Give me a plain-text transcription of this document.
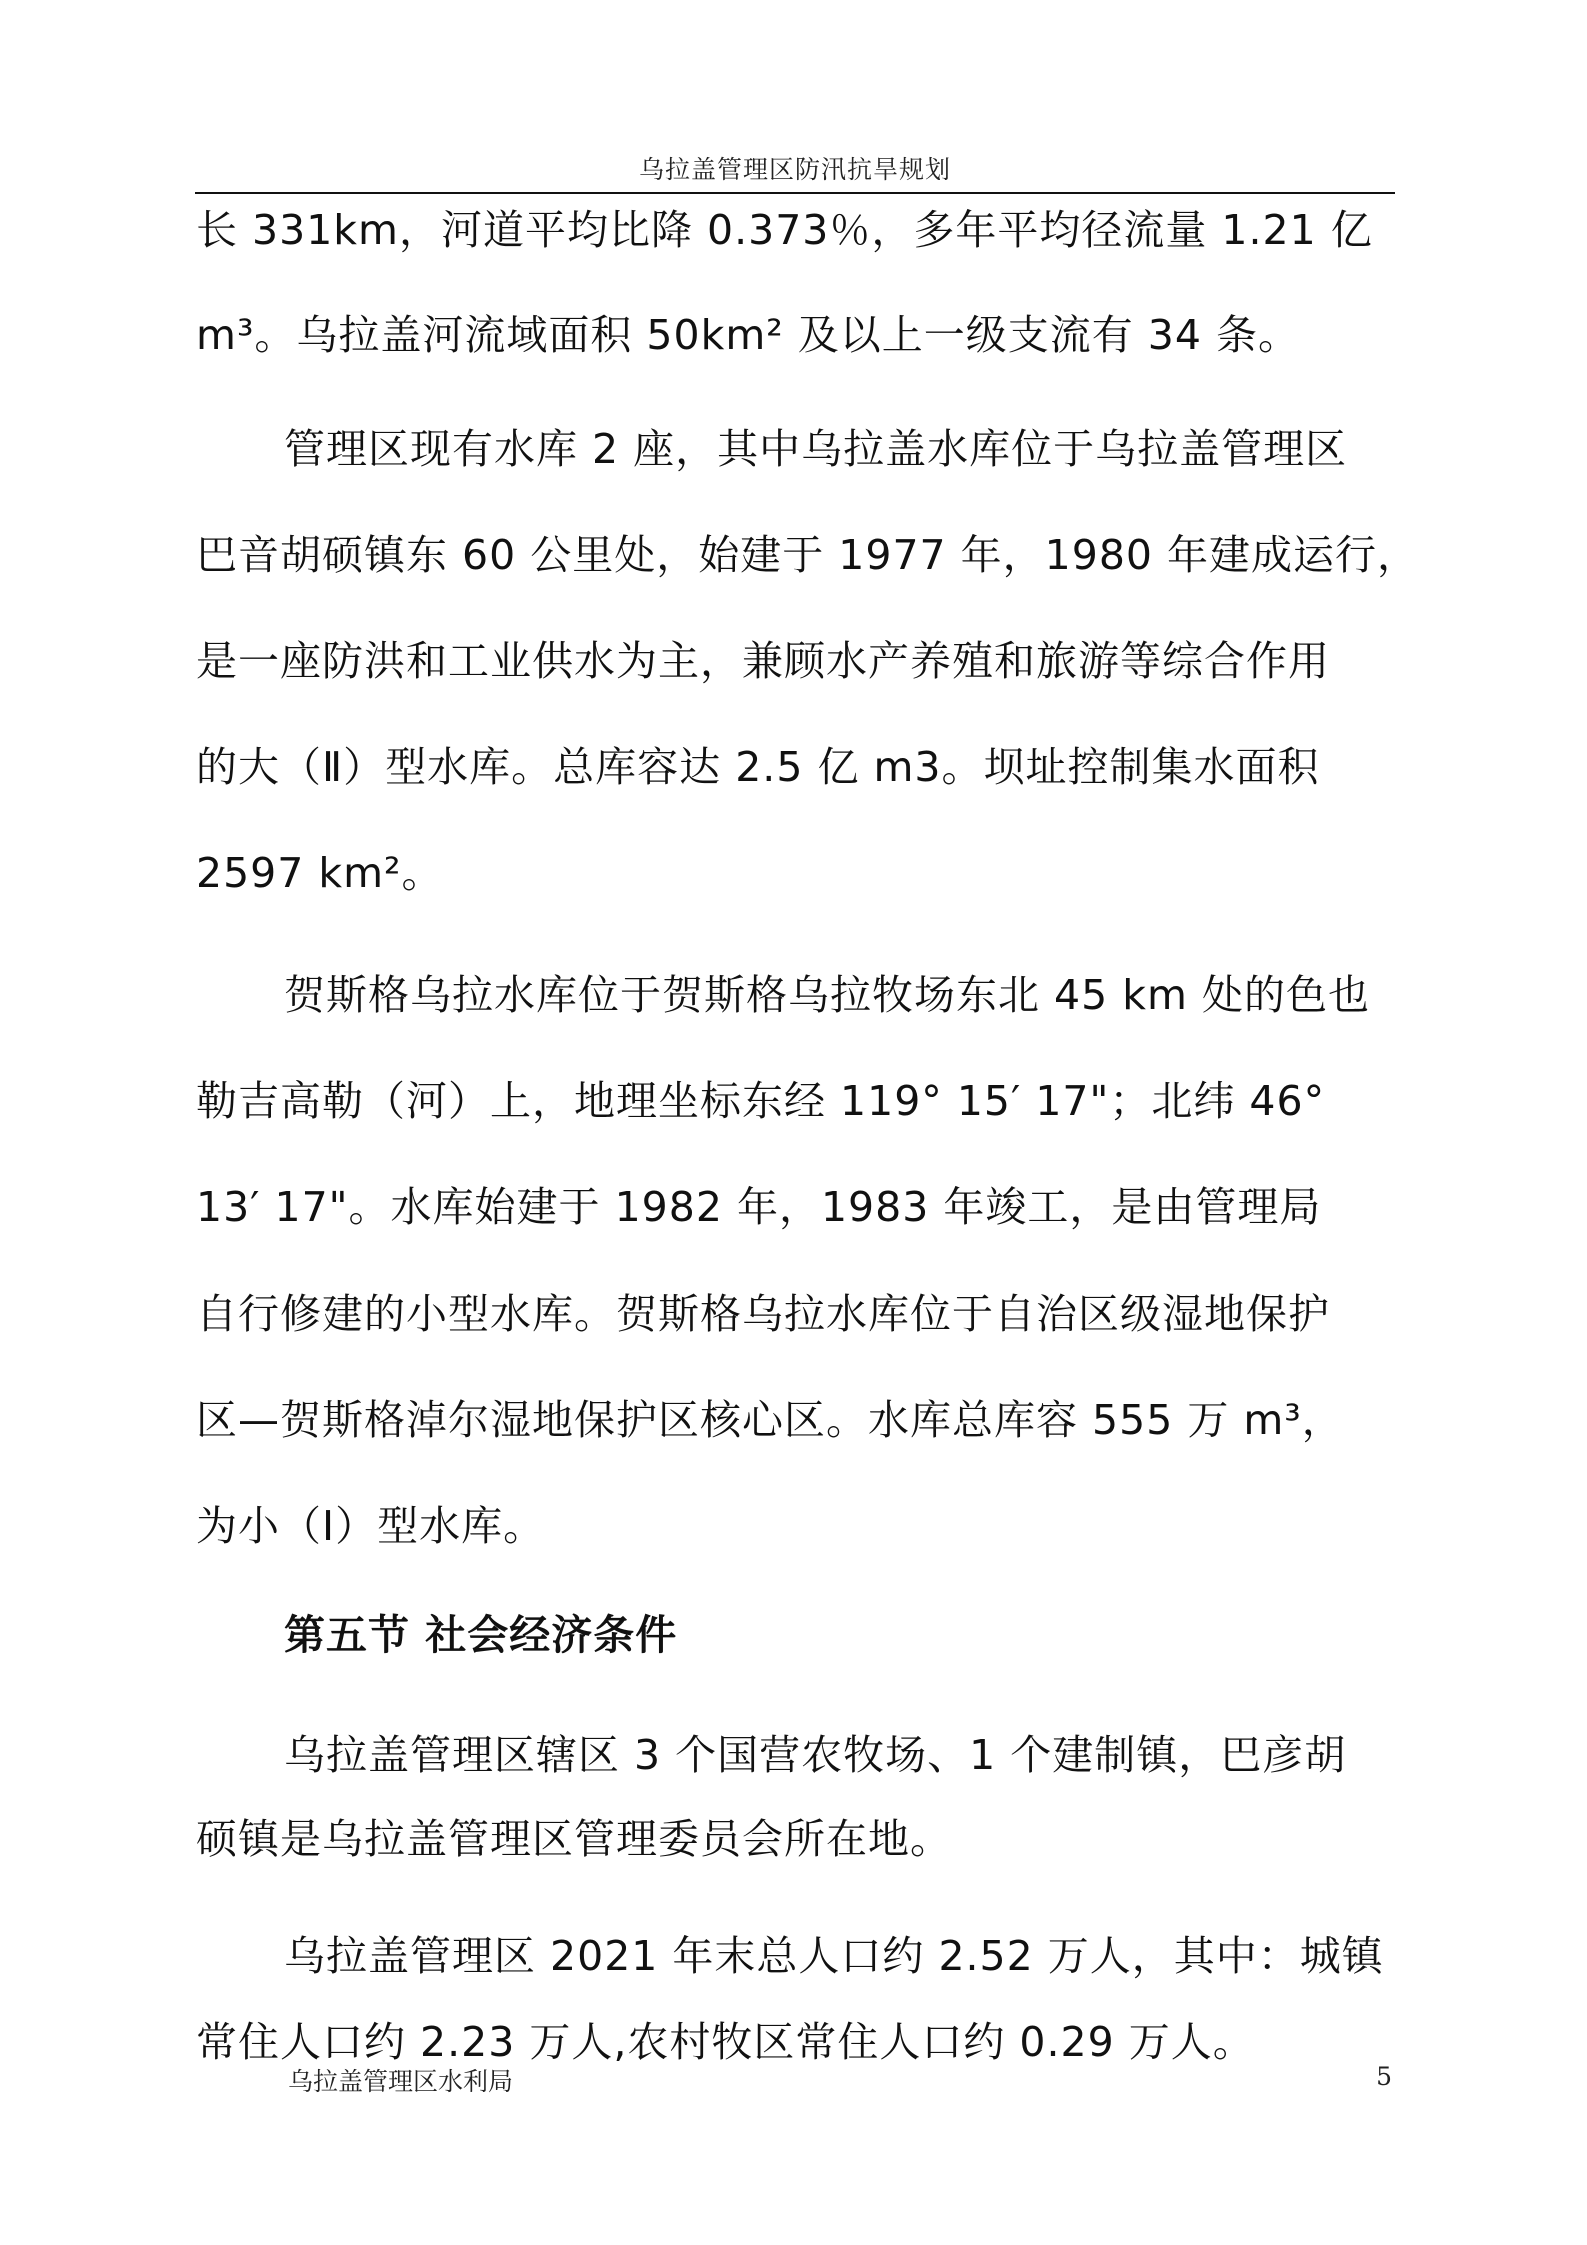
乌拉盖管理区防汛抗旱规划
长 331km，河道平均比降 0.373％，多年平均径流量 1.21 亿
m³。乌拉盖河流域面积 50km² 及以上一级支流有 34 条。
管理区现有水库 2 座，其中乌拉盖水库位于乌拉盖管理区
巴音胡硕镇东 60 公里处，始建于 1977 年，1980 年建成运行，
是一座防洪和工业供水为主，兼顾水产养殖和旅游等综合作用
的大（Ⅱ）型水库。总库容达 2.5 亿 m3。坝址控制集水面积
2597 km²。
贺斯格乌拉水库位于贺斯格乌拉牧场东北 45 km 处的色也
勒吉高勒（河）上，地理坐标东经 119° 15′ 17"；北纬 46°
13′ 17"。水库始建于 1982 年，1983 年竣工，是由管理局
自行修建的小型水库。贺斯格乌拉水库位于自治区级湿地保护
区—贺斯格淖尔湿地保护区核心区。水库总库容 555 万 m³，
为小（Ⅰ）型水库。
第五节 社会经济条件
乌拉盖管理区辖区 3 个国营农牧场、1 个建制镇，巴彦胡
硕镇是乌拉盖管理区管理委员会所在地。
乌拉盖管理区 2021 年末总人口约 2.52 万人，其中：城镇
常住人口约 2.23 万人,农村牧区常住人口约 0.29 万人。
乌拉盖管理区水利局	5
